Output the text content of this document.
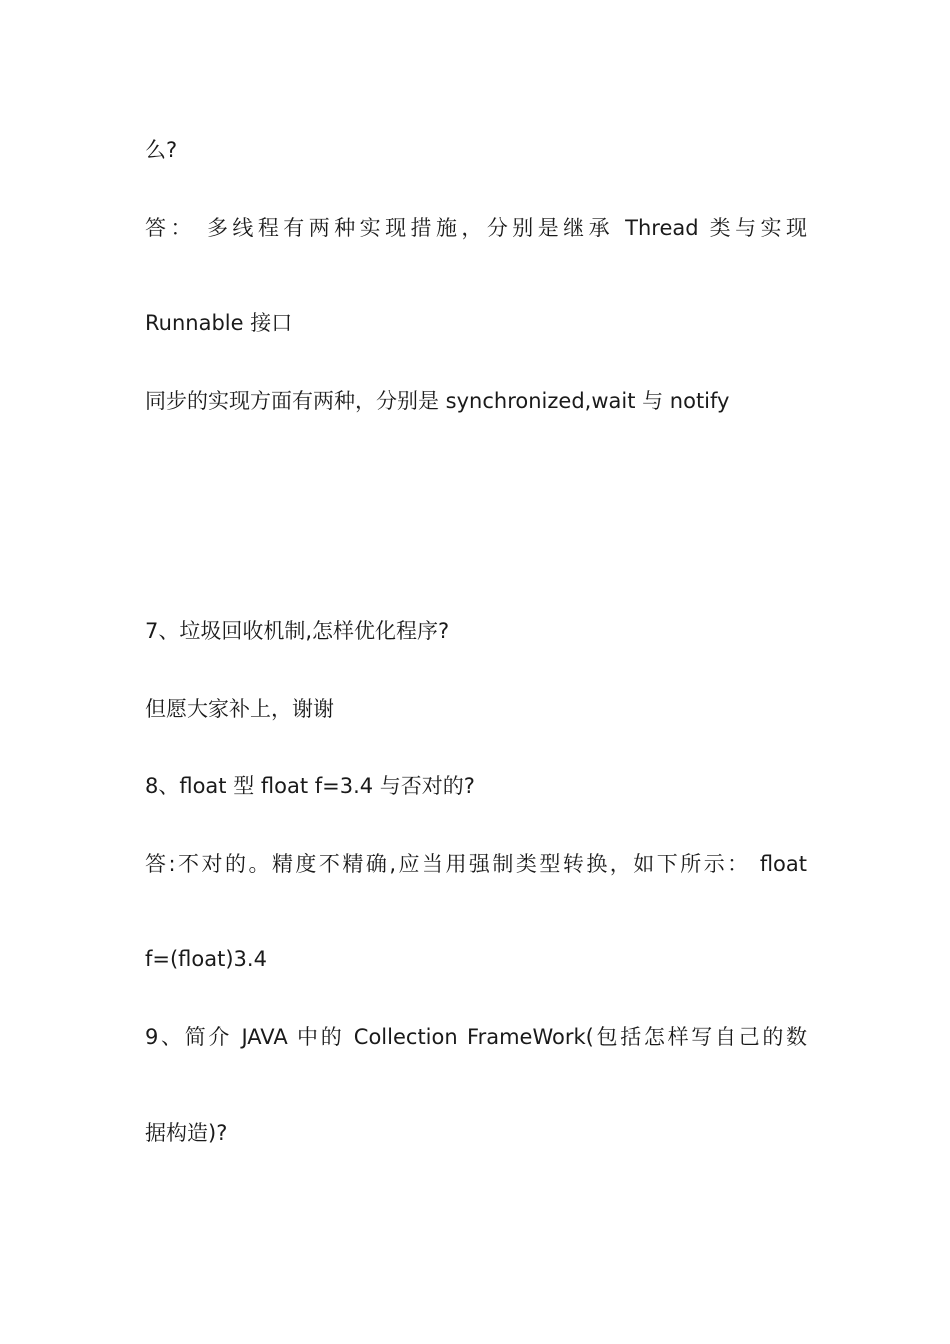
么?
答： 多线程有两种实现措施，分别是继承 Thread 类与实现
Runnable 接口
同步的实现方面有两种，分别是 synchronized,wait 与 notify
7、垃圾回收机制,怎样优化程序?
但愿大家补上，谢谢
8、float 型 float f=3.4 与否对的?
答:不对的。精度不精确,应当用强制类型转换，如下所示： float
f=(float)3.4
9、简介 JAVA 中的 Collection FrameWork(包括怎样写自己的数
据构造)?
